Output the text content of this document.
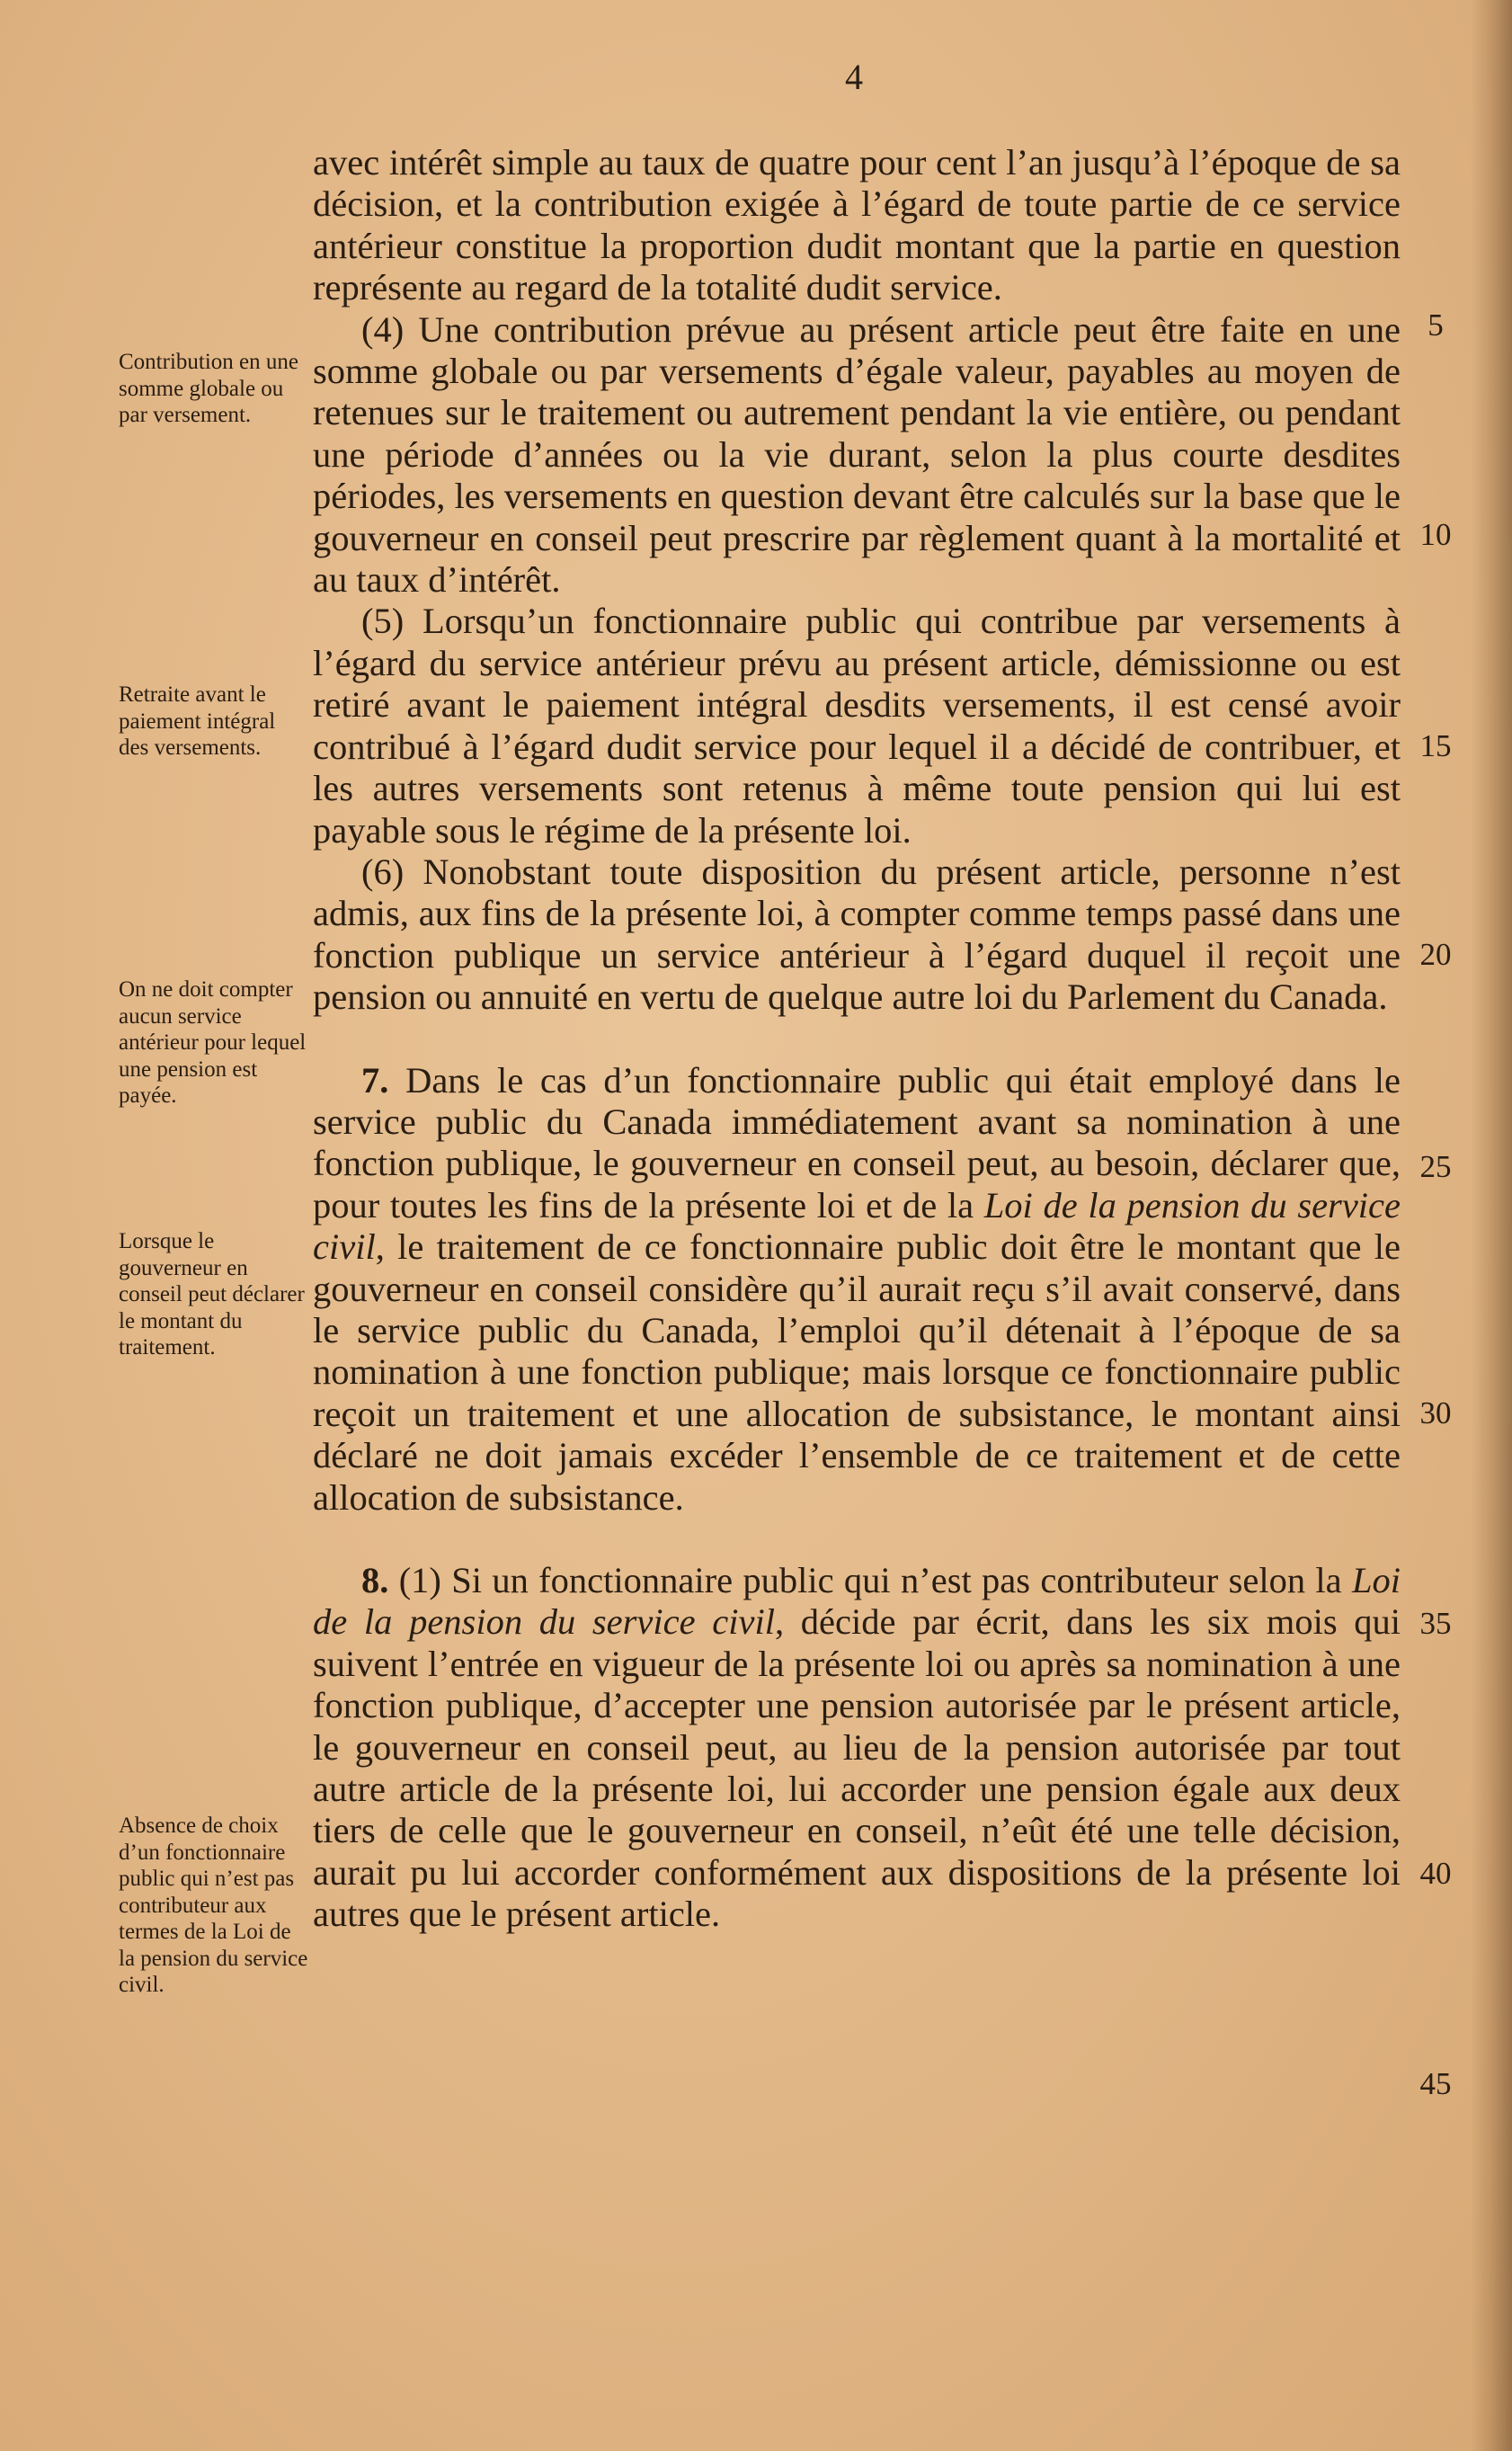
4
Contribution en une somme globale ou par versement.
Retraite avant le paiement intégral des versements.
On ne doit compter aucun service antérieur pour lequel une pension est payée.
Lorsque le gouverneur en conseil peut déclarer le montant du traitement.
Absence de choix d’un fonctionnaire public qui n’est pas contributeur aux termes de la Loi de la pension du service civil.

avec intérêt simple au taux de quatre pour cent l’an jusqu’à l’époque de sa décision, et la contribution exigée à l’égard de toute partie de ce service antérieur constitue la proportion dudit montant que la partie en question représente au regard de la totalité dudit service.

(4) Une contribution prévue au présent article peut être faite en une somme globale ou par versements d’égale valeur, payables au moyen de retenues sur le traitement ou autrement pendant la vie entière, ou pendant une période d’années ou la vie durant, selon la plus courte desdites périodes, les versements en question devant être calculés sur la base que le gouverneur en conseil peut prescrire par règlement quant à la mortalité et au taux d’intérêt.

(5) Lorsqu’un fonctionnaire public qui contribue par versements à l’égard du service antérieur prévu au présent article, démissionne ou est retiré avant le paiement intégral desdits versements, il est censé avoir contribué à l’égard dudit service pour lequel il a décidé de contribuer, et les autres versements sont retenus à même toute pension qui lui est payable sous le régime de la présente loi.

(6) Nonobstant toute disposition du présent article, personne n’est admis, aux fins de la présente loi, à compter comme temps passé dans une fonction publique un service antérieur à l’égard duquel il reçoit une pension ou annuité en vertu de quelque autre loi du Parlement du Canada.

7. Dans le cas d’un fonctionnaire public qui était employé dans le service public du Canada immédiatement avant sa nomination à une fonction publique, le gouverneur en conseil peut, au besoin, déclarer que, pour toutes les fins de la présente loi et de la Loi de la pension du service civil, le traitement de ce fonctionnaire public doit être le montant que le gouverneur en conseil considère qu’il aurait reçu s’il avait conservé, dans le service public du Canada, l’emploi qu’il détenait à l’époque de sa nomination à une fonction publique; mais lorsque ce fonctionnaire public reçoit un traitement et une allocation de subsistance, le montant ainsi déclaré ne doit jamais excéder l’ensemble de ce traitement et de cette allocation de subsistance.

8. (1) Si un fonctionnaire public qui n’est pas contributeur selon la Loi de la pension du service civil, décide par écrit, dans les six mois qui suivent l’entrée en vigueur de la présente loi ou après sa nomination à une fonction publique, d’accepter une pension autorisée par le présent article, le gouverneur en conseil peut, au lieu de la pension autorisée par tout autre article de la présente loi, lui accorder une pension égale aux deux tiers de celle que le gouverneur en conseil, n’eût été une telle décision, aurait pu lui accorder conformément aux dispositions de la présente loi autres que le présent article.

5
10
15
20
25
30
35
40
45
